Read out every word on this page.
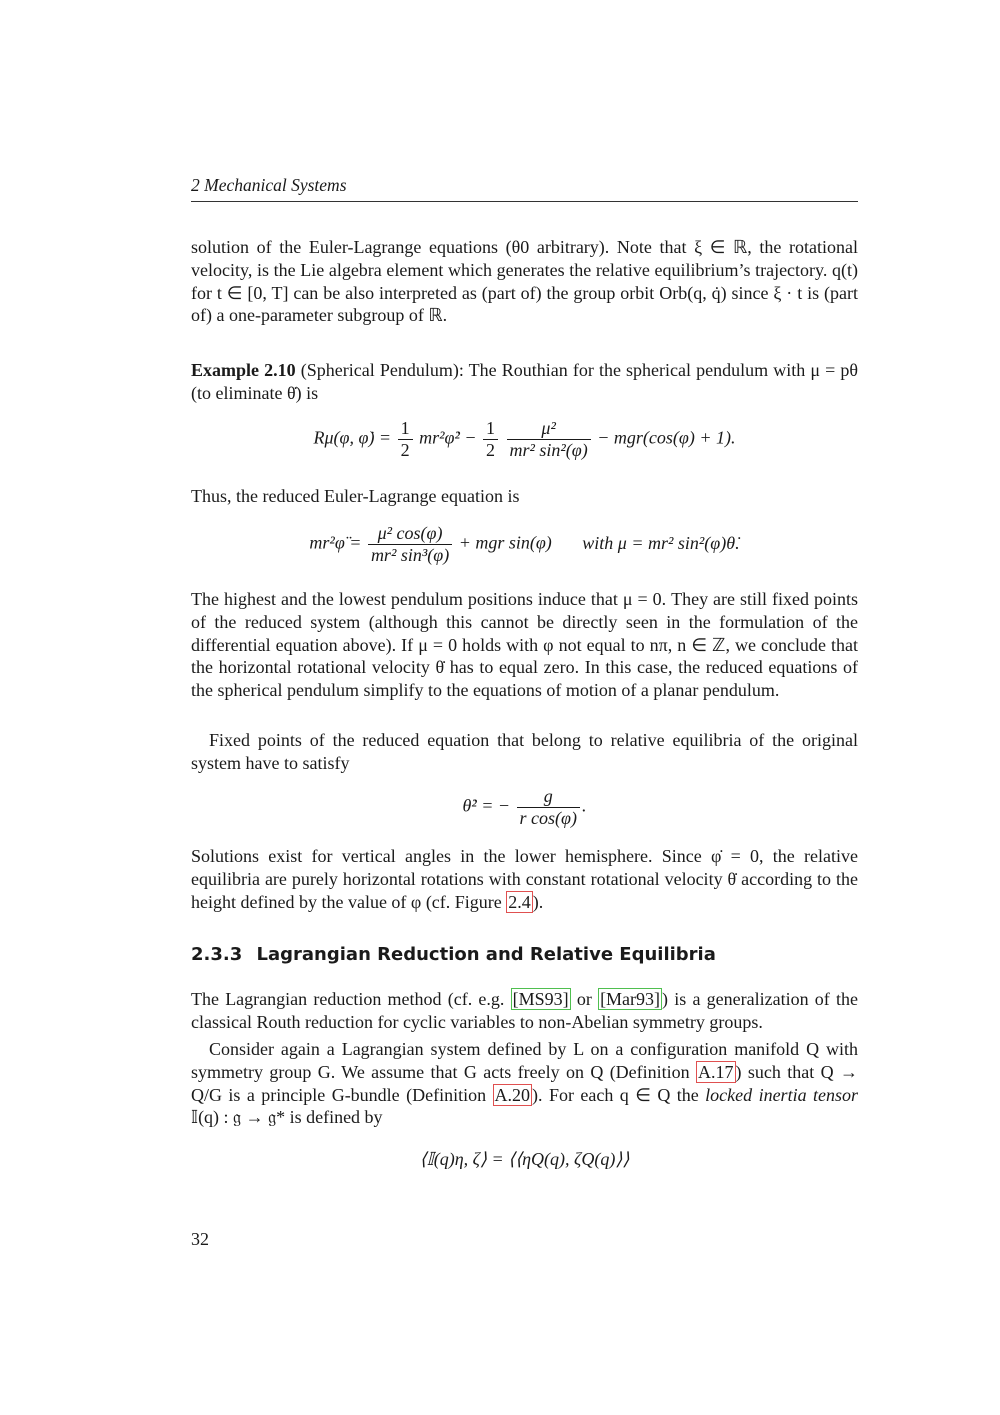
2 Mechanical Systems

solution of the Euler-Lagrange equations (θ0 arbitrary). Note that ξ ∈ ℝ, the rotational velocity, is the Lie algebra element which generates the relative equilibrium’s trajectory. q(t) for t ∈ [0, T] can be also interpreted as (part of) the group orbit Orb(q, q̇) since ξ · t is (part of) a one-parameter subgroup of ℝ.

Example 2.10 (Spherical Pendulum): The Routhian for the spherical pendulum with μ = pθ (to eliminate θ̇) is

Rμ(φ, φ̇) = $\frac{1}{2}$ mr²φ̇² − $\frac{1}{2}$
$\frac{\text{μ²}}{\text{mr² sin²(φ)}} - mgr(\cos(\varphi) + 1)$.

Thus, the reduced Euler-Lagrange equation is

mr²φ̈ = $\frac{\text{μ² cos(φ)}}{\text{mr² sin³(φ)}}$ + mgr sin(φ) with μ = mr² sin²(φ)θ̇.

The highest and the lowest pendulum positions induce that μ = 0. They are still fixed points of the reduced system (although this cannot be directly seen in the formulation of the differential equation above). If μ = 0 holds with φ not equal to nπ, n ∈ ℤ, we conclude that the horizontal rotational velocity θ̇ has to equal zero. In this case, the reduced equations of the spherical pendulum simplify to the equations of motion of a planar pendulum.

Fixed points of the reduced equation that belong to relative equilibria of the original system have to satisfy

θ̇² = − $\frac{g}{\text{r cos(φ)}}$ .

Solutions exist for vertical angles in the lower hemisphere. Since φ̇ = 0, the relative equilibria are purely horizontal rotations with constant rotational velocity θ̇ according to the height defined by the value of φ (cf. Figure 2.4 ).

2.3.3 Lagrangian Reduction and Relative Equilibria

The Lagrangian reduction method (cf. e.g. [MS93] or [Mar93] ) is a generalization of the classical Routh reduction for cyclic variables to non-Abelian symmetry groups.

Consider again a Lagrangian system defined by L on a configuration manifold Q with symmetry group G. We assume that G acts freely on Q (Definition A.17 ) such that Q → Q/G is a principle G-bundle (Definition A.20 ). For each q ∈ Q the locked inertia tensor 𝕀(q) : 𝔤 → 𝔤* is defined by

⟨𝕀(q)η, ζ⟩ = ⟨⟨ηQ(q), ζQ(q)⟩⟩
32
